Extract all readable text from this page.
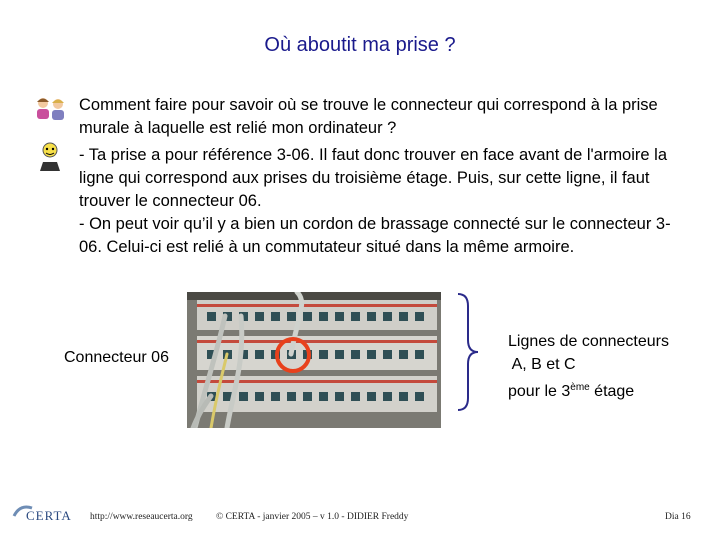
Où aboutit ma prise ?
Comment faire pour savoir où se trouve le connecteur qui correspond à la prise murale à laquelle est relié mon ordinateur ?

- Ta prise a pour référence 3-06. Il faut donc trouver en face avant de l'armoire la ligne qui correspond aux prises du troisième étage. Puis, sur cette ligne, il faut trouver le connecteur 06.

- On peut voir qu’il y a bien un cordon de brassage connecté sur le connecteur 3-06. Celui-ci est relié à un commutateur situé dans la même armoire.

Connecteur 06
Lignes de connecteurs
A, B et C
pour le 3ème étage
CERTA http://www.reseaucerta.org © CERTA - janvier 2005 – v 1.0 - DIDIER Freddy	Dia 16
